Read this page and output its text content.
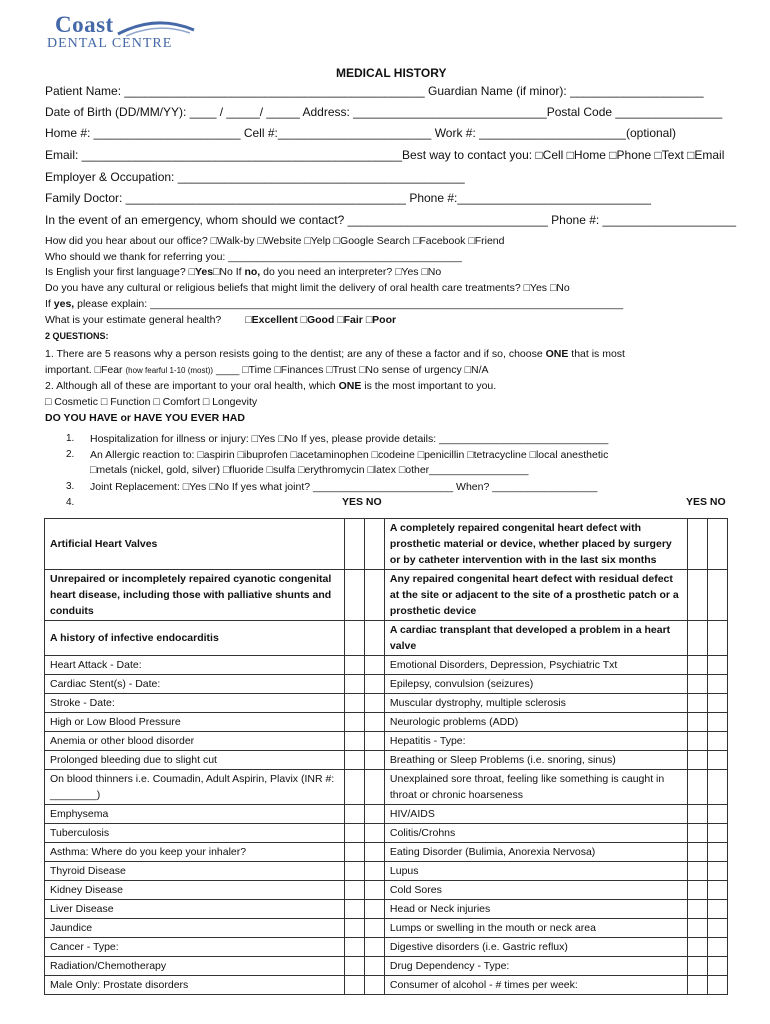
Coast
DENTAL CENTRE
MEDICAL HISTORY
Patient Name: _____________________________________________ Guardian Name (if minor): ____________________
Date of Birth (DD/MM/YY): ____ / _____/ _____ Address: _____________________________Postal Code ________________
Home #: ______________________ Cell #:_______________________ Work #: ______________________(optional)
Email: ________________________________________________Best way to contact you: □Cell □Home □Phone □Text □Email
Employer & Occupation: ___________________________________________
Family Doctor: __________________________________________ Phone #:_____________________________
In the event of an emergency, whom should we contact? ______________________________ Phone #: ____________________
How did you hear about our office? □Walk-by □Website □Yelp □Google Search □Facebook □Friend
Who should we thank for referring you: ________________________________________
Is English your first language? □Yes□No If no, do you need an interpreter? □Yes □No
Do you have any cultural or religious beliefs that might limit the delivery of oral health care treatments? □Yes □No
If yes, please explain: _________________________________________________________________________________
What is your estimate general health? □Excellent □Good □Fair □Poor
2 QUESTIONS:
1. There are 5 reasons why a person resists going to the dentist; are any of these a factor and if so, choose ONE that is most
important. □Fear (how fearful 1-10 (most)) ____ □Time □Finances □Trust □No sense of urgency □N/A
2. Although all of these are important to your oral health, which ONE is the most important to you.
□ Cosmetic □ Function □ Comfort □ Longevity
DO YOU HAVE or HAVE YOU EVER HAD
1. Hospitalization for illness or injury: □Yes □No If yes, please provide details: _____________________________
2. An Allergic reaction to: □aspirin □ibuprofen □acetaminophen □codeine □penicillin □tetracycline □local anesthetic
□metals (nickel, gold, silver) □fluoride □sulfa □erythromycin □latex □other_________________
3. Joint Replacement: □Yes □No If yes what joint? ________________________ When? __________________
4.	YES NO	YES NO
Artificial Heart Valves			A completely repaired congenital heart defect with prosthetic material or device, whether placed by surgery or by catheter intervention with in the last six months		
Unrepaired or incompletely repaired cyanotic congenital heart disease, including those with palliative shunts and conduits			Any repaired congenital heart defect with residual defect at the site or adjacent to the site of a prosthetic patch or a prosthetic device		
A history of infective endocarditis			A cardiac transplant that developed a problem in a heart valve		
Heart Attack - Date:			Emotional Disorders, Depression, Psychiatric Txt		
Cardiac Stent(s) - Date:			Epilepsy, convulsion (seizures)		
Stroke - Date:			Muscular dystrophy, multiple sclerosis		
High or Low Blood Pressure			Neurologic problems (ADD)		
Anemia or other blood disorder			Hepatitis - Type:		
Prolonged bleeding due to slight cut			Breathing or Sleep Problems (i.e. snoring, sinus)		
On blood thinners i.e. Coumadin, Adult Aspirin, Plavix (INR #: ________)			Unexplained sore throat, feeling like something is caught in throat or chronic hoarseness		
Emphysema			HIV/AIDS		
Tuberculosis			Colitis/Crohns		
Asthma: Where do you keep your inhaler?			Eating Disorder (Bulimia, Anorexia Nervosa)		
Thyroid Disease			Lupus		
Kidney Disease			Cold Sores		
Liver Disease			Head or Neck injuries		
Jaundice			Lumps or swelling in the mouth or neck area		
Cancer - Type:			Digestive disorders (i.e. Gastric reflux)		
Radiation/Chemotherapy			Drug Dependency - Type:		
Male Only: Prostate disorders			Consumer of alcohol - # times per week:		
